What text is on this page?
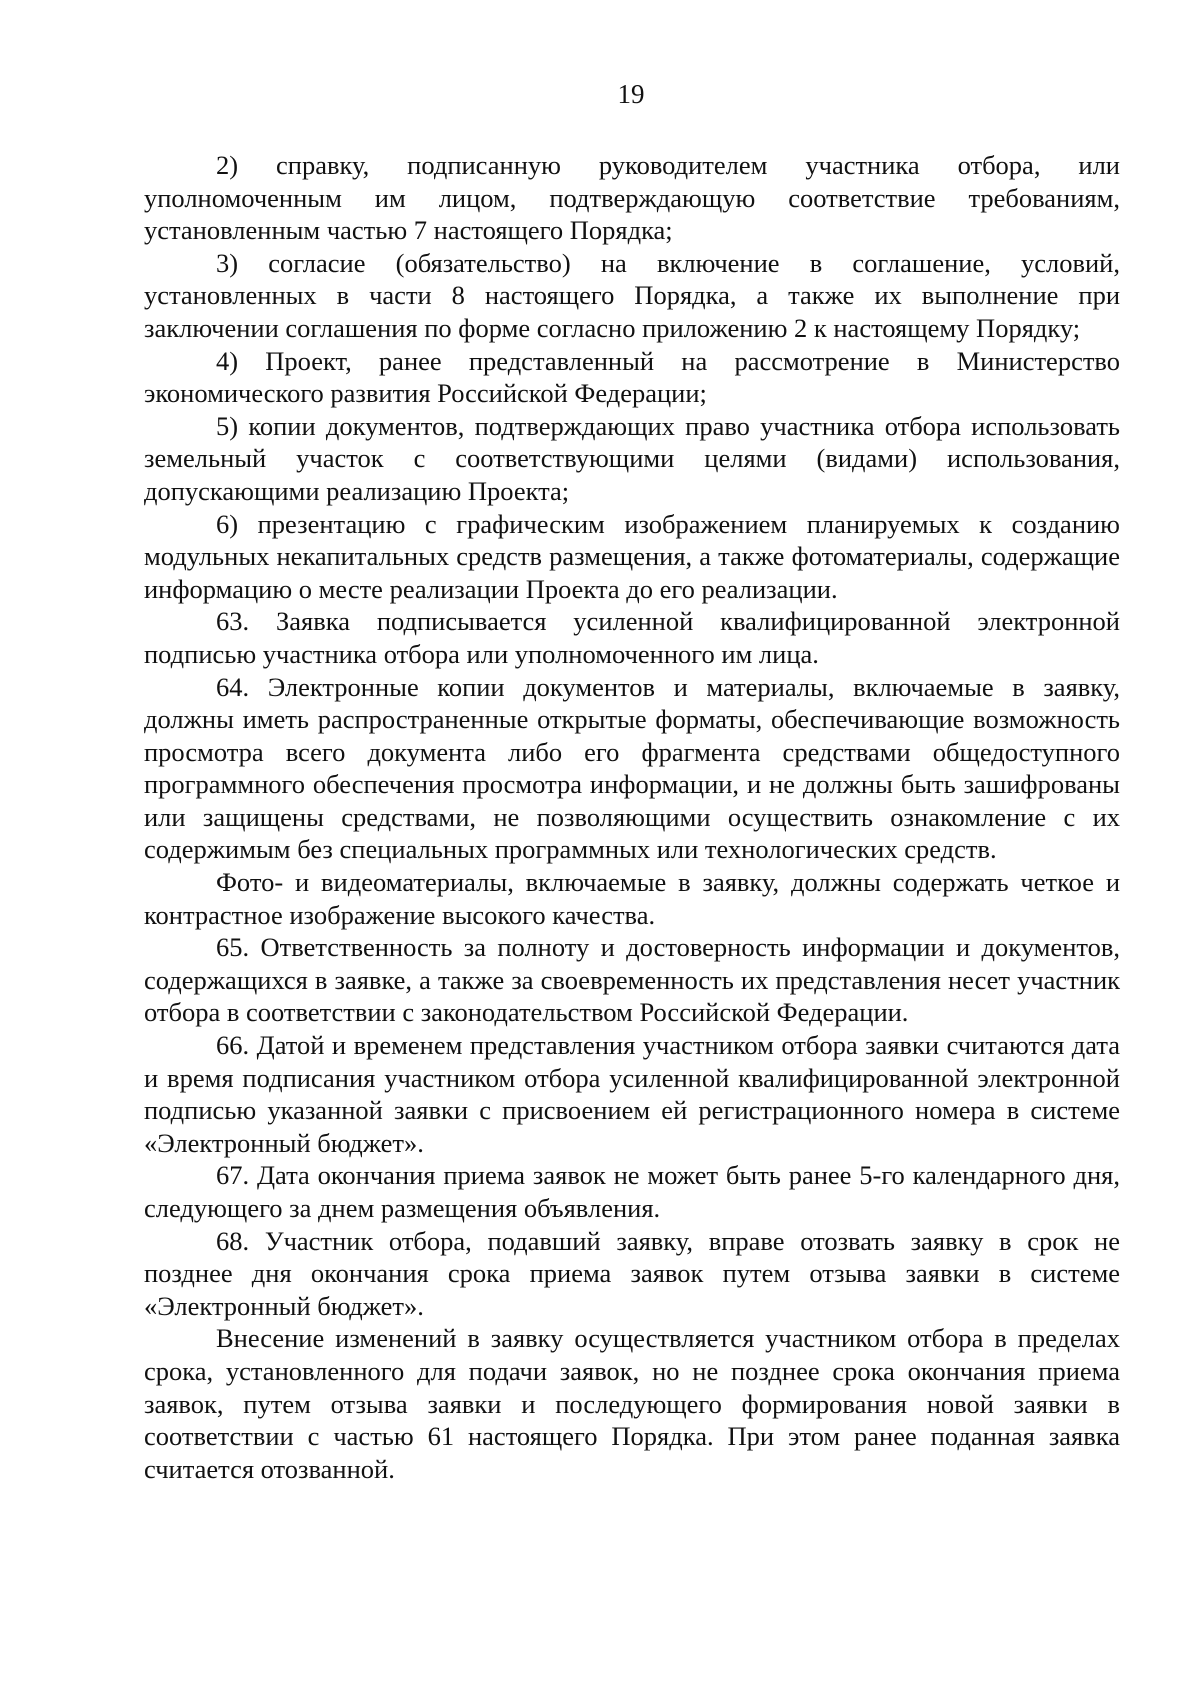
19

2) справку, подписанную руководителем участника отбора, или уполномоченным им лицом, подтверждающую соответствие требованиям, установленным частью 7 настоящего Порядка;

3) согласие (обязательство) на включение в соглашение, условий, установленных в части 8 настоящего Порядка, а также их выполнение при заключении соглашения по форме согласно приложению 2 к настоящему Порядку;

4) Проект, ранее представленный на рассмотрение в Министерство экономического развития Российской Федерации;

5) копии документов, подтверждающих право участника отбора использовать земельный участок с соответствующими целями (видами) использования, допускающими реализацию Проекта;

6) презентацию с графическим изображением планируемых к созданию модульных некапитальных средств размещения, а также фотоматериалы, содержащие информацию о месте реализации Проекта до его реализации.

63. Заявка подписывается усиленной квалифицированной электронной подписью участника отбора или уполномоченного им лица.

64. Электронные копии документов и материалы, включаемые в заявку, должны иметь распространенные открытые форматы, обеспечивающие возможность просмотра всего документа либо его фрагмента средствами общедоступного программного обеспечения просмотра информации, и не должны быть зашифрованы или защищены средствами, не позволяющими осуществить ознакомление с их содержимым без специальных программных или технологических средств.

Фото- и видеоматериалы, включаемые в заявку, должны содержать четкое и контрастное изображение высокого качества.

65. Ответственность за полноту и достоверность информации и документов, содержащихся в заявке, а также за своевременность их представления несет участник отбора в соответствии с законодательством Российской Федерации.

66. Датой и временем представления участником отбора заявки считаются дата и время подписания участником отбора усиленной квалифицированной электронной подписью указанной заявки с присвоением ей регистрационного номера в системе «Электронный бюджет».

67. Дата окончания приема заявок не может быть ранее 5-го календарного дня, следующего за днем размещения объявления.

68. Участник отбора, подавший заявку, вправе отозвать заявку в срок не позднее дня окончания срока приема заявок путем отзыва заявки в системе «Электронный бюджет».

Внесение изменений в заявку осуществляется участником отбора в пределах срока, установленного для подачи заявок, но не позднее срока окончания приема заявок, путем отзыва заявки и последующего формирования новой заявки в соответствии с частью 61 настоящего Порядка. При этом ранее поданная заявка считается отозванной.
